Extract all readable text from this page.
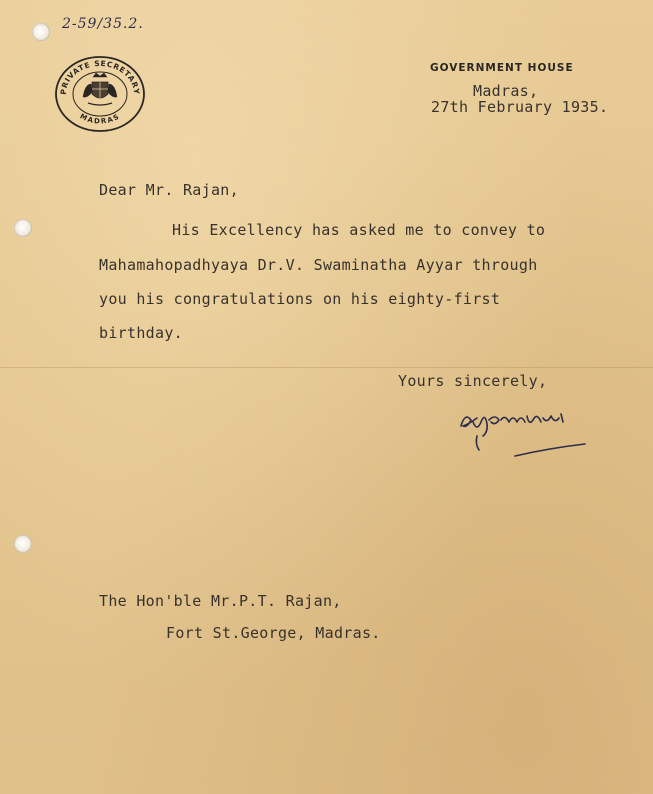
2-59/35.2.
PRIVATE SECRETARY
MADRAS
GOVERNMENT HOUSE
Madras,
27th February 1935.
Dear Mr. Rajan,
His Excellency has asked me to convey to
Mahamahopadhyaya Dr.V. Swaminatha Ayyar through
you his congratulations on his eighty-first
birthday.
Yours sincerely,
The Hon'ble Mr.P.T. Rajan,
Fort St.George, Madras.
